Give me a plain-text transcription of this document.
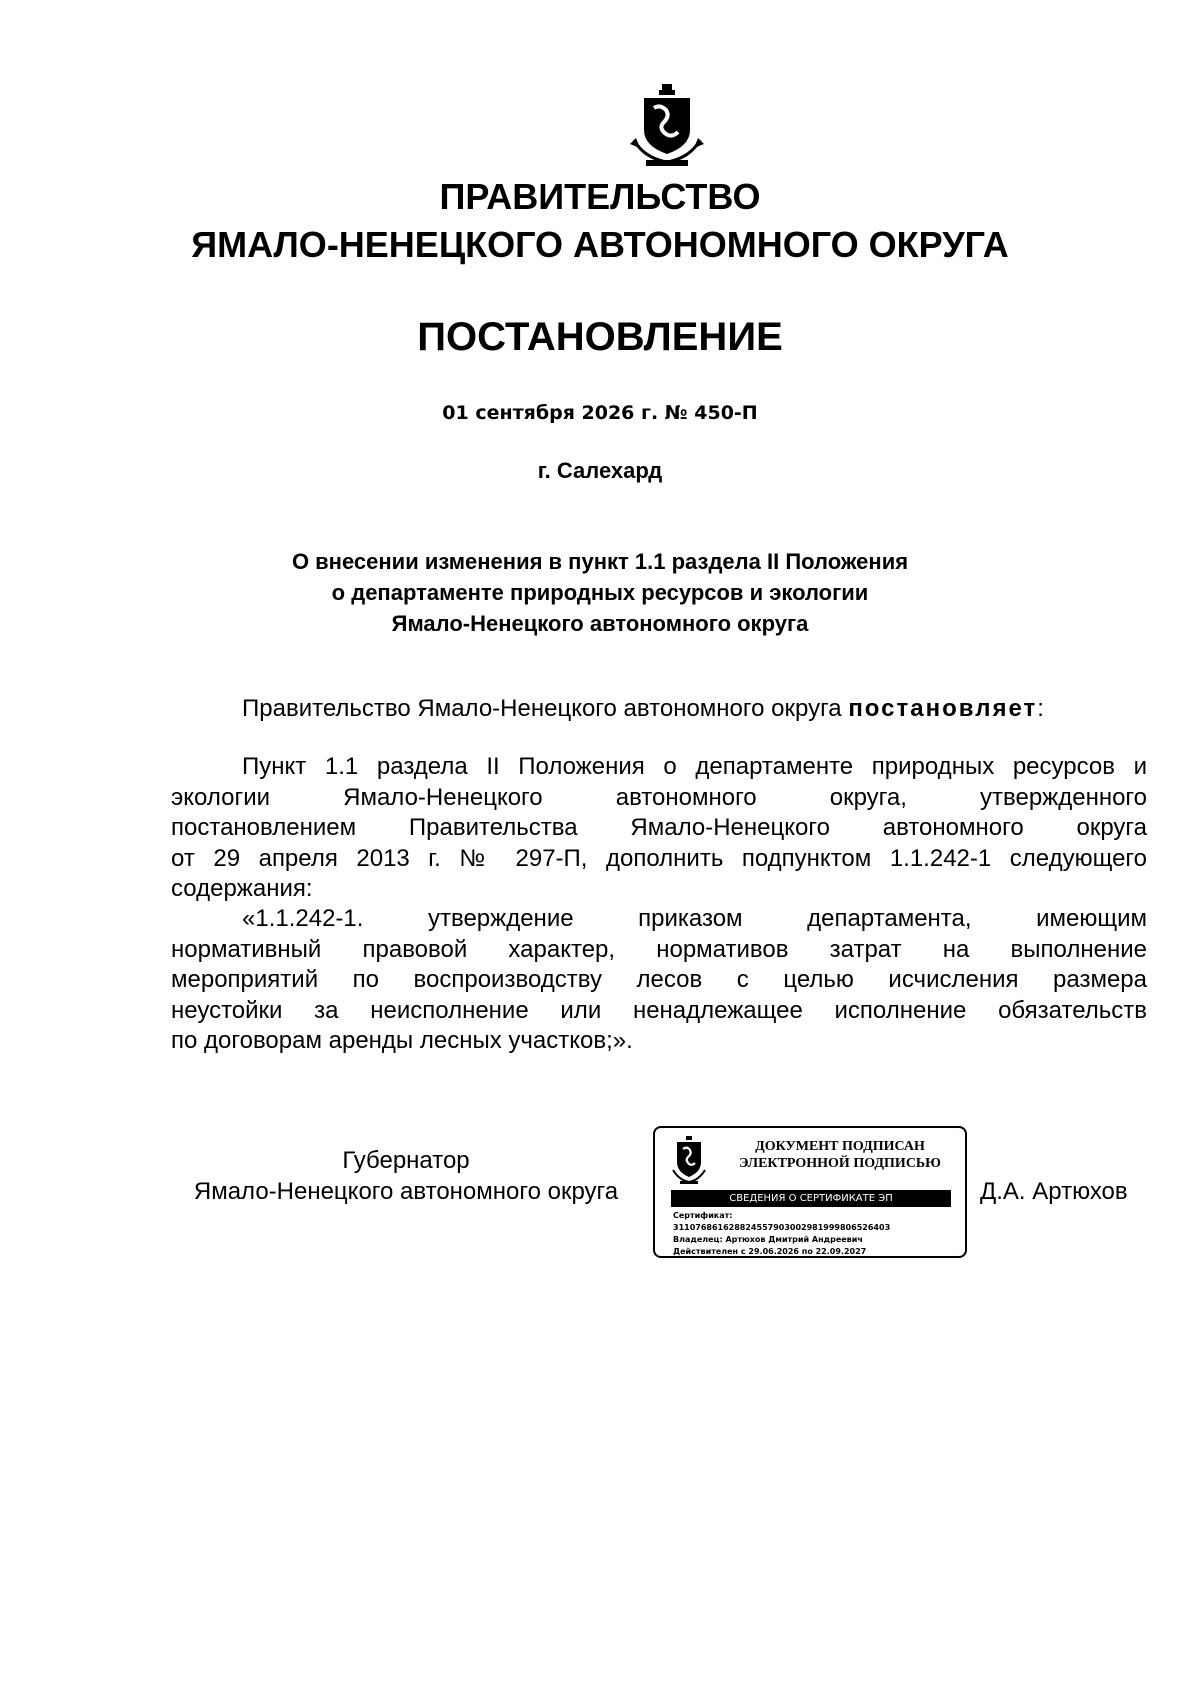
ПРАВИТЕЛЬСТВО
ЯМАЛО-НЕНЕЦКОГО АВТОНОМНОГО ОКРУГА
ПОСТАНОВЛЕНИЕ
01 сентября 2026 г. № 450-П
г. Салехард
О внесении изменения в пункт 1.1 раздела II Положения
о департаменте природных ресурсов и экологии
Ямало-Ненецкого автономного округа
Правительство Ямало-Ненецкого автономного округа постановляет:
Пункт 1.1 раздела II Положения о департаменте природных ресурсов и
экологии Ямало-Ненецкого автономного округа, утвержденного
постановлением Правительства Ямало-Ненецкого автономного округа
от 29 апреля 2013 г. № 297-П, дополнить подпунктом 1.1.242-1 следующего
содержания:
«1.1.242-1. утверждение приказом департамента, имеющим
нормативный правовой характер, нормативов затрат на выполнение
мероприятий по воспроизводству лесов с целью исчисления размера
неустойки за неисполнение или ненадлежащее исполнение обязательств
по договорам аренды лесных участков;».
Губернатор
Ямало-Ненецкого автономного округа
ДОКУМЕНТ ПОДПИСАН
ЭЛЕКТРОННОЙ ПОДПИСЬЮ
СВЕДЕНИЯ О СЕРТИФИКАТЕ ЭП
Сертификат:
31107686162882455790300298199980652640З
Владелец: Артюхов Дмитрий Андреевич
Действителен с 29.06.2026 по 22.09.2027
Д.А. Артюхов
